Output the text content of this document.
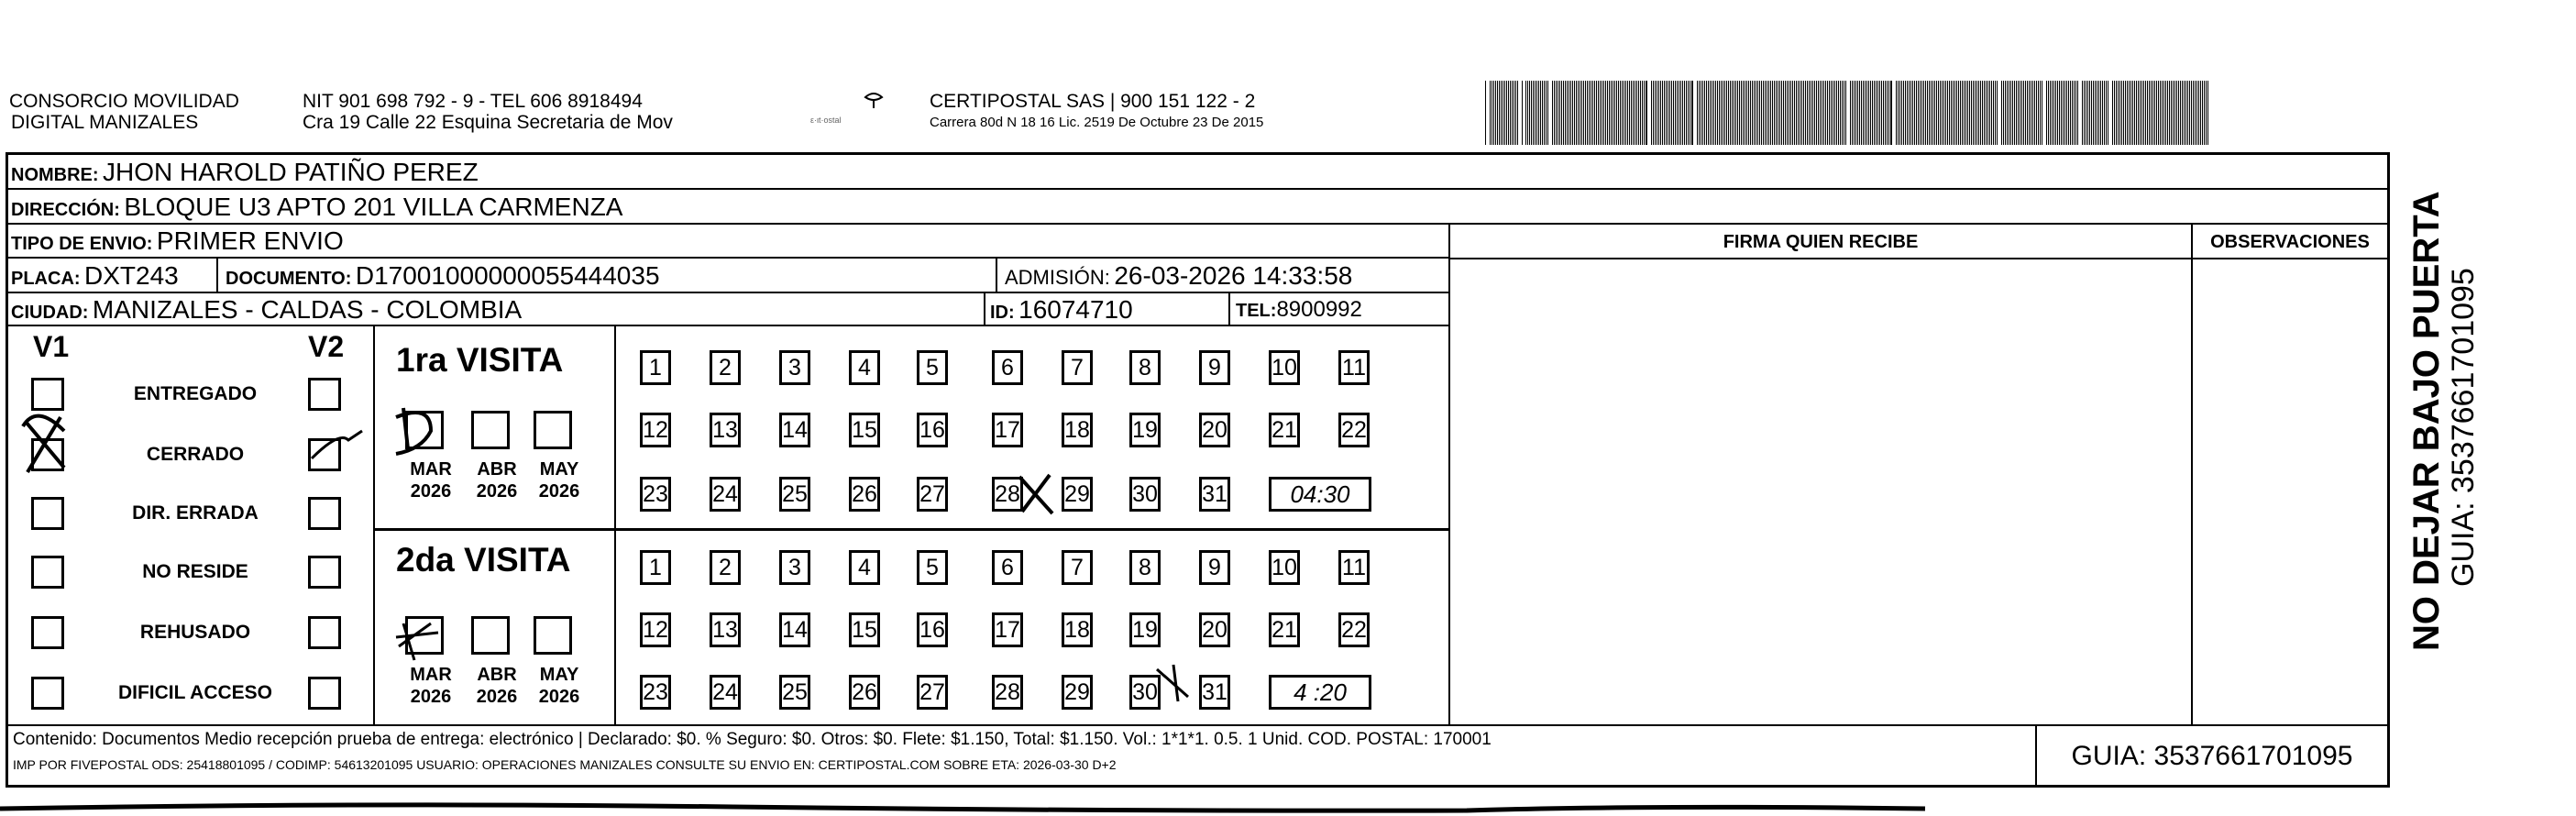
CONSORCIO MOVILIDAD
DIGITAL MANIZALES
NIT 901 698 792 - 9 - TEL 606 8918494
Cra 19 Calle 22 Esquina Secretaria de Mov	ε·ιt·ostal
CERTIPOSTAL SAS | 900 151 122 - 2
Carrera 80d N 18 16 Lic. 2519 De Octubre 23 De 2015
NOMBRE: JHON HAROLD PATIÑO PEREZ
DIRECCIÓN: BLOQUE U3 APTO 201 VILLA CARMENZA
TIPO DE ENVIO: PRIMER ENVIO	FIRMA QUIEN RECIBE	OBSERVACIONES
PLACA: DXT243	DOCUMENTO: D17001000000055444035	ADMISIÓN: 26-03-2026 14:33:58
CIUDAD: MANIZALES - CALDAS - COLOMBIA	ID: 16074710	TEL:8900992
V1	V2
ENTREGADO
CERRADO
DIR. ERRADA
NO RESIDE
REHUSADO
DIFICIL ACCESO
1ra VISITA
2da VISITA
MAR
2026
MAR
2026
ABR
2026
ABR
2026
MAY
2026
MAY
2026
1	2	3	4	5	6	7	8	9	10 11
12 13 14 15 16 17 18 19 20 21 22
23 24 25 26 27 28 29 30 31	04:30
1	2	3	4	5	6	7	8	9	10 11
12 13 14 15 16 17 18 19 20 21 22
23 24 25 26 27 28 29 30 31	4 :20
Contenido: Documentos Medio recepción prueba de entrega: electrónico | Declarado: $0. % Seguro: $0. Otros: $0. Flete: $1.150, Total: $1.150. Vol.: 1*1*1. 0.5. 1 Unid. COD. POSTAL: 170001
IMP POR FIVEPOSTAL ODS: 25418801095 / CODIMP: 54613201095 USUARIO: OPERACIONES MANIZALES CONSULTE SU ENVIO EN: CERTIPOSTAL.COM SOBRE ETA: 2026-03-30 D+2	GUIA: 3537661701095
NO DEJAR BAJO PUERTA GUIA: 3537661701095
